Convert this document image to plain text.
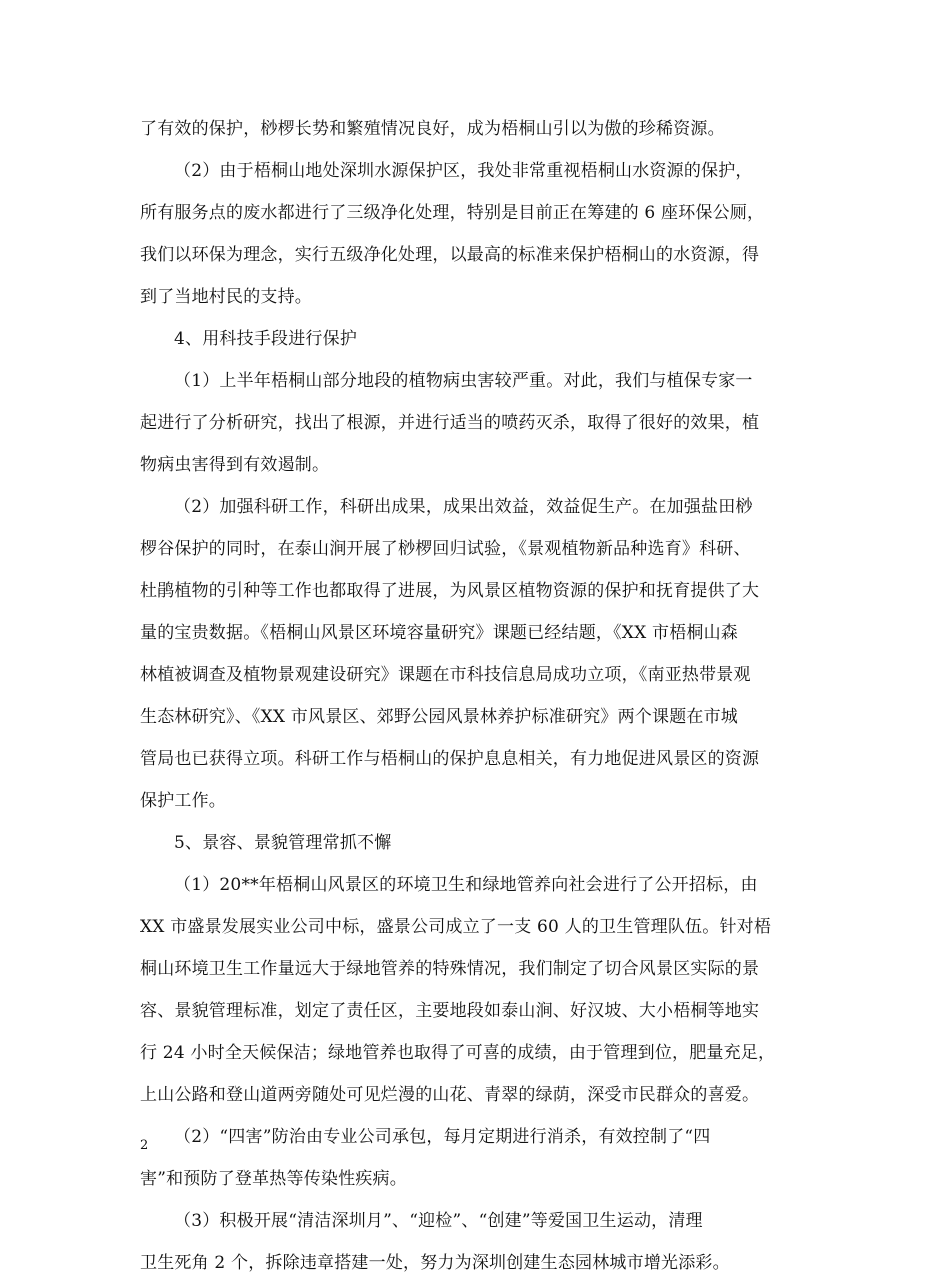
了有效的保护，桫椤长势和繁殖情况良好，成为梧桐山引以为傲的珍稀资源。
（2）由于梧桐山地处深圳水源保护区，我处非常重视梧桐山水资源的保护，
所有服务点的废水都进行了三级净化处理，特别是目前正在筹建的 6 座环保公厕，
我们以环保为理念，实行五级净化处理，以最高的标准来保护梧桐山的水资源，得
到了当地村民的支持。
4、用科技手段进行保护
（1）上半年梧桐山部分地段的植物病虫害较严重。对此，我们与植保专家一
起进行了分析研究，找出了根源，并进行适当的喷药灭杀，取得了很好的效果，植
物病虫害得到有效遏制。
（2）加强科研工作，科研出成果，成果出效益，效益促生产。在加强盐田桫
椤谷保护的同时，在泰山涧开展了桫椤回归试验，《景观植物新品种选育》科研、
杜鹃植物的引种等工作也都取得了进展，为风景区植物资源的保护和抚育提供了大
量的宝贵数据。《梧桐山风景区环境容量研究》课题已经结题，《XX 市梧桐山森
林植被调查及植物景观建设研究》课题在市科技信息局成功立项，《南亚热带景观
生态林研究》、《XX 市风景区、郊野公园风景林养护标准研究》两个课题在市城
管局也已获得立项。科研工作与梧桐山的保护息息相关，有力地促进风景区的资源
保护工作。
5、景容、景貌管理常抓不懈
（1）20**年梧桐山风景区的环境卫生和绿地管养向社会进行了公开招标，由
XX 市盛景发展实业公司中标，盛景公司成立了一支 60 人的卫生管理队伍。针对梧
桐山环境卫生工作量远大于绿地管养的特殊情况，我们制定了切合风景区实际的景
容、景貌管理标准，划定了责任区，主要地段如泰山涧、好汉坡、大小梧桐等地实
行 24 小时全天候保洁；绿地管养也取得了可喜的成绩，由于管理到位，肥量充足，
上山公路和登山道两旁随处可见烂漫的山花、青翠的绿荫，深受市民群众的喜爱。
（2）“四害”防治由专业公司承包，每月定期进行消杀，有效控制了“四
害”和预防了登革热等传染性疾病。
（3）积极开展“清洁深圳月”、“迎检”、“创建”等爱国卫生运动，清理
卫生死角 2 个，拆除违章搭建一处，努力为深圳创建生态园林城市增光添彩。
2
